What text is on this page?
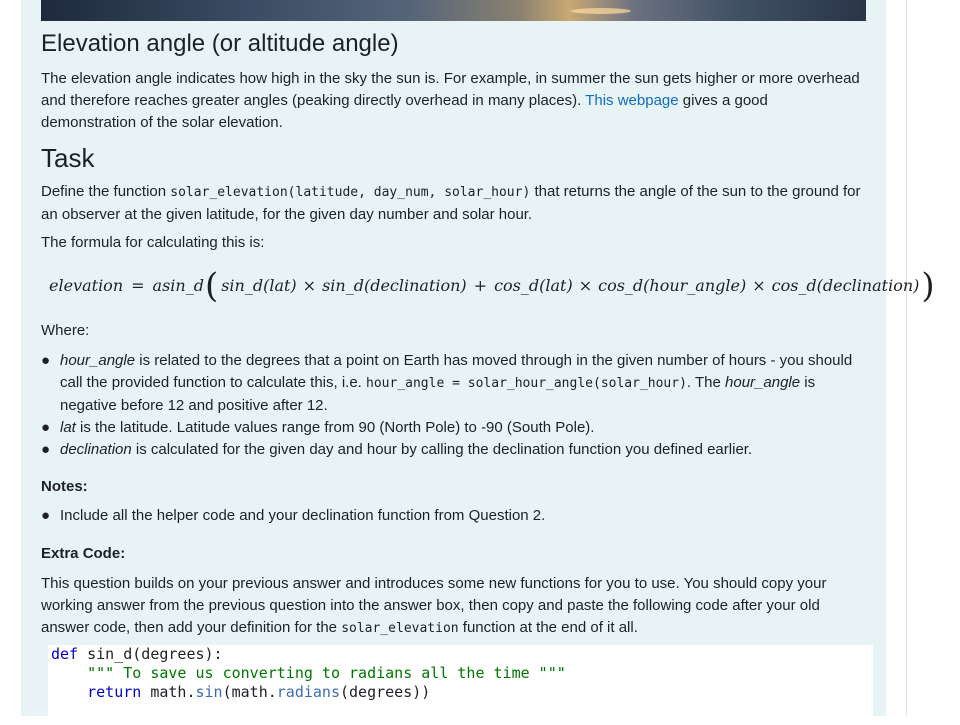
Elevation angle (or altitude angle)

The elevation angle indicates how high in the sky the sun is. For example, in summer the sun gets higher or more overhead and therefore reaches greater angles (peaking directly overhead in many places). This webpage gives a good demonstration of the solar elevation.

Task

Define the function solar_elevation(latitude, day_num, solar_hour) that returns the angle of the sun to the ground for an observer at the given latitude, for the given day number and solar hour.

The formula for calculating this is:

elevation = asin_d ( sin_d(lat) × sin_d(declination) + cos_d(lat) × cos_d(hour_angle) × cos_d(declination) )

Where:

● hour_angle is related to the degrees that a point on Earth has moved through in the given number of hours - you should call the provided function to calculate this, i.e. hour_angle = solar_hour_angle(solar_hour). The hour_angle is negative before 12 and positive after 12.
● lat is the latitude. Latitude values range from 90 (North Pole) to -90 (South Pole).
● declination is calculated for the given day and hour by calling the declination function you defined earlier.
Notes:
● Include all the helper code and your declination function from Question 2.
Extra Code:

This question builds on your previous answer and introduces some new functions for you to use. You should copy your working answer from the previous question into the answer box, then copy and paste the following code after your old answer code, then add your definition for the solar_elevation function at the end of it all.

def sin_d(degrees):
""" To save us converting to radians all the time """
return math.sin(math.radians(degrees))
